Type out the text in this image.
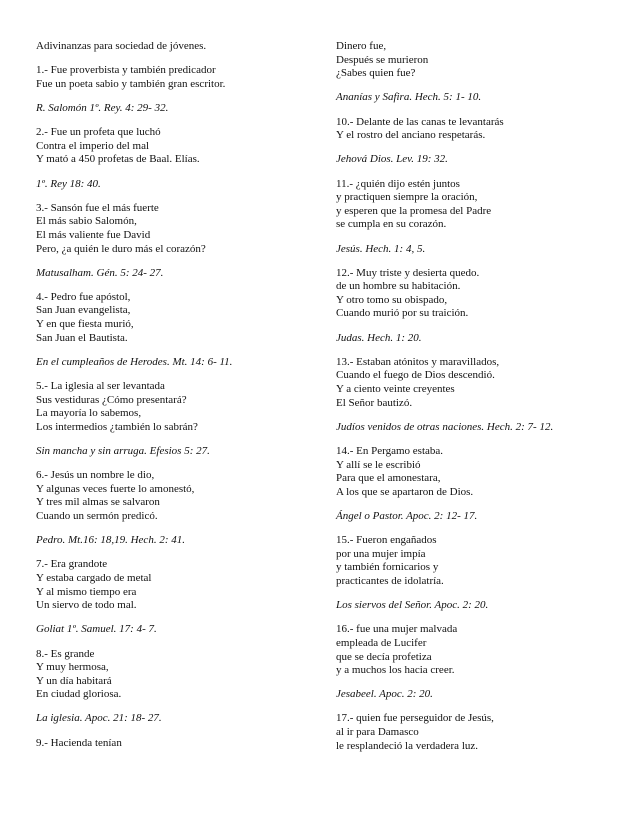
Adivinanzas para sociedad de jóvenes.
1.- Fue proverbista y también predicador
Fue un poeta sabio y también gran escritor.
R. Salomón 1º. Rey. 4: 29- 32.
2.- Fue un profeta que luchó
Contra el imperio del mal
Y mató a 450 profetas de Baal. Elías.
1º. Rey 18: 40.
3.- Sansón fue el más fuerte
El más sabio Salomón,
El más valiente fue David
Pero, ¿a quién le duro más el corazón?
Matusalham. Gén. 5: 24- 27.
4.- Pedro fue apóstol,
San Juan evangelista,
Y en que fiesta murió,
San Juan el Bautista.
En el cumpleaños de Herodes. Mt. 14: 6- 11.
5.- La iglesia al ser levantada
Sus vestiduras ¿Cómo presentará?
La mayoría lo sabemos,
Los intermedios ¿también lo sabrán?
Sin mancha y sin arruga. Efesios 5: 27.
6.- Jesús un nombre le dio,
Y algunas veces fuerte lo amonestó,
Y tres mil almas se salvaron
Cuando un sermón predicó.
Pedro. Mt.16: 18,19. Hech. 2: 41.
7.- Era grandote
Y estaba cargado de metal
Y al mismo tiempo era
Un siervo de todo mal.
Goliat 1º. Samuel. 17: 4- 7.
8.- Es grande
Y muy hermosa,
Y un día habitará
En ciudad gloriosa.
La iglesia. Apoc. 21: 18- 27.
9.- Hacienda tenían
Dinero fue,
Después se murieron
¿Sabes quien fue?
Ananías y Safira. Hech. 5: 1- 10.
10.- Delante de las canas te levantarás
Y el rostro del anciano respetarás.
Jehová Dios. Lev. 19: 32.
11.- ¿quién dijo estén juntos
y practiquen siempre la oración,
y esperen que la promesa del Padre
se cumpla en su corazón.
Jesús. Hech. 1: 4, 5.
12.- Muy triste y desierta quedo.
de un hombre su habitación.
Y otro tomo su obispado,
Cuando murió por su traición.
Judas. Hech. 1: 20.
13.- Estaban atónitos y maravillados,
Cuando el fuego de Dios descendió.
Y a ciento veinte creyentes
El Señor bautizó.
Judíos venidos de otras naciones. Hech. 2: 7- 12.
14.- En Pergamo estaba.
Y allí se le escribió
Para que el amonestara,
A los que se apartaron de Dios.
Ángel o Pastor. Apoc. 2: 12- 17.
15.- Fueron engañados
por una mujer impía
y también fornicarios y
practicantes de idolatría.
Los siervos del Señor. Apoc. 2: 20.
16.- fue una mujer malvada
empleada de Lucifer
que se decía profetiza
y a muchos los hacia creer.
Jesabeel. Apoc. 2: 20.
17.- quien fue perseguidor de Jesús,
al ir para Damasco
le resplandeció la verdadera luz.
